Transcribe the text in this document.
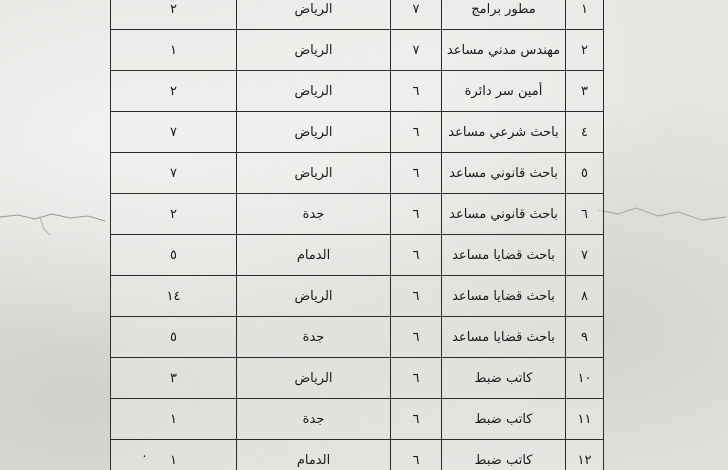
١	مطور برامج	٧	الرياض	٢
٢	مهندس مدني مساعد	٧	الرياض	١
٣	أمين سر دائرة	٦	الرياض	٢
٤	باحث شرعي مساعد	٦	الرياض	٧
٥	باحث قانوني مساعد	٦	الرياض	٧
٦	باحث قانوني مساعد	٦	جدة	٢
٧	باحث قضايا مساعد	٦	الدمام	٥
٨	باحث قضايا مساعد	٦	الرياض	١٤
٩	باحث قضايا مساعد	٦	جدة	٥
١٠	كاتب ضبط	٦	الرياض	٣
١١	كاتب ضبط	٦	جدة	١
١٢	كاتب ضبط	٦	الدمام	١
٠
